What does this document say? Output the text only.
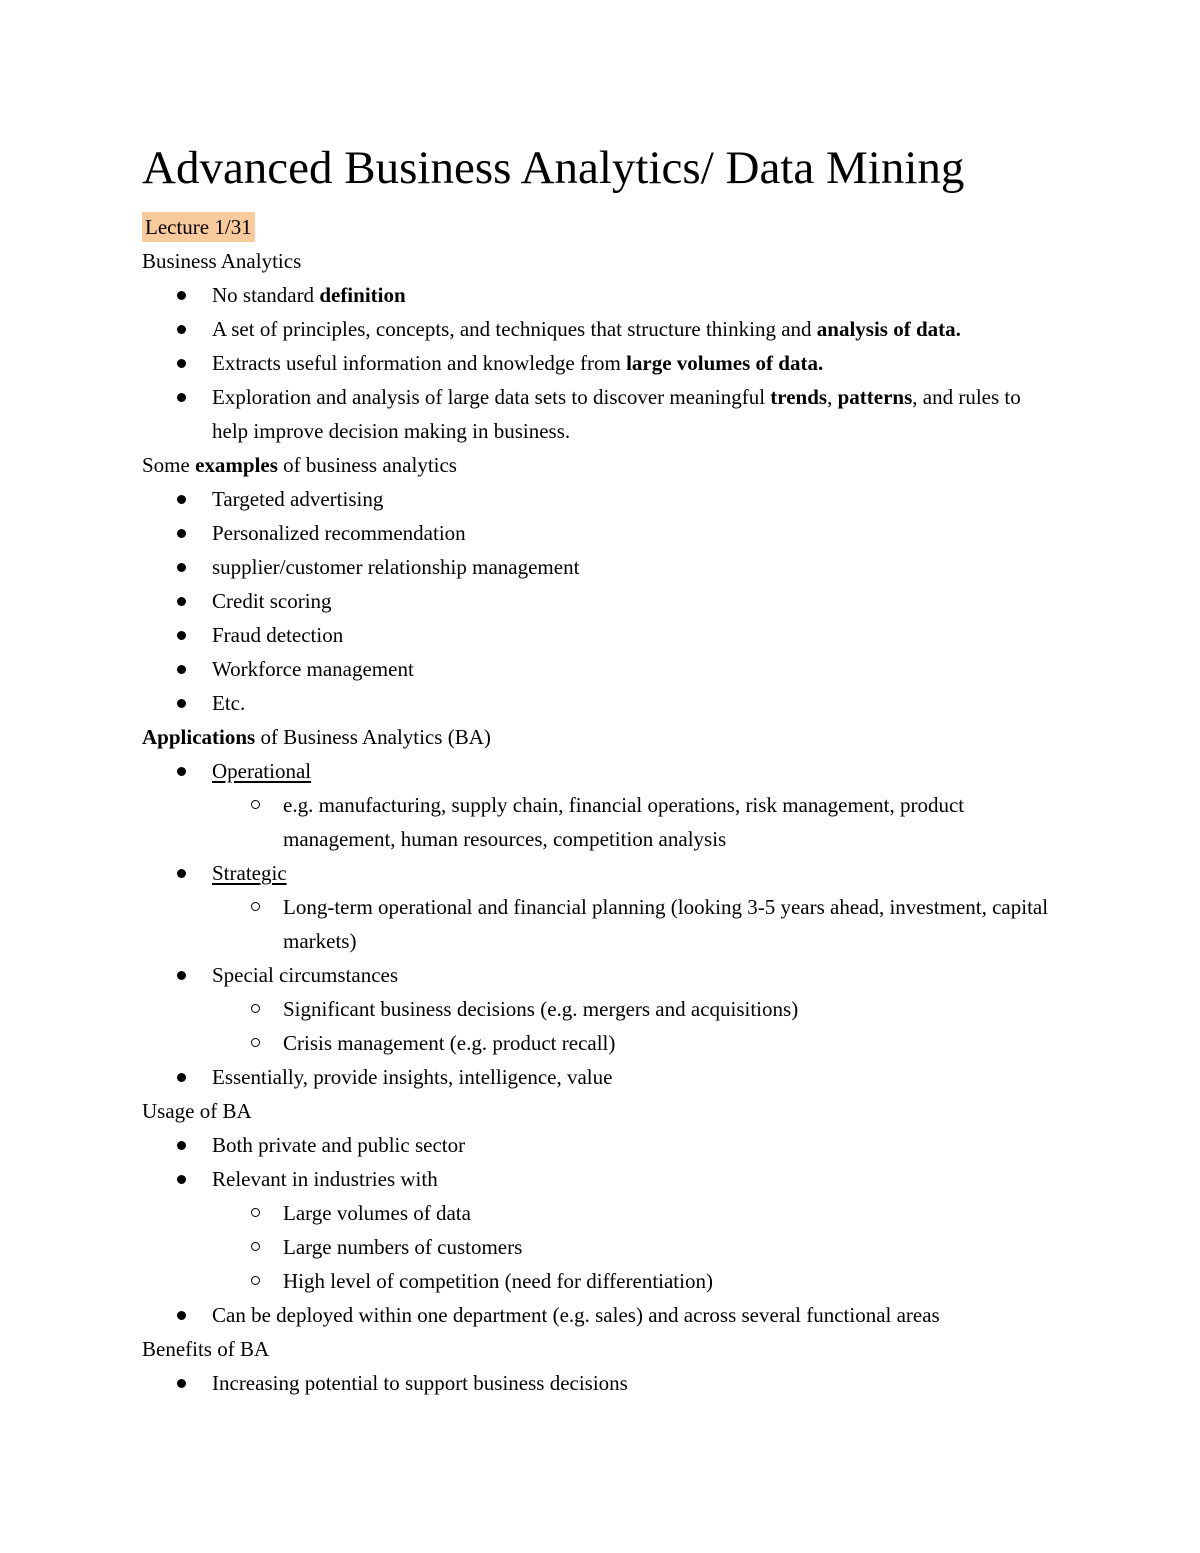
Advanced Business Analytics/ Data Mining
Lecture 1/31
Business Analytics
No standard definition
A set of principles, concepts, and techniques that structure thinking and analysis of data.
Extracts useful information and knowledge from large volumes of data.
Exploration and analysis of large data sets to discover meaningful trends, patterns, and rules to help improve decision making in business.
Some examples of business analytics
Targeted advertising
Personalized recommendation
supplier/customer relationship management
Credit scoring
Fraud detection
Workforce management
Etc.
Applications of Business Analytics (BA)
Operational
e.g. manufacturing, supply chain, financial operations, risk management, product management, human resources, competition analysis
Strategic
Long-term operational and financial planning (looking 3-5 years ahead, investment, capital markets)
Special circumstances
Significant business decisions (e.g. mergers and acquisitions)
Crisis management (e.g. product recall)
Essentially, provide insights, intelligence, value
Usage of BA
Both private and public sector
Relevant in industries with
Large volumes of data
Large numbers of customers
High level of competition (need for differentiation)
Can be deployed within one department (e.g. sales) and across several functional areas
Benefits of BA
Increasing potential to support business decisions
